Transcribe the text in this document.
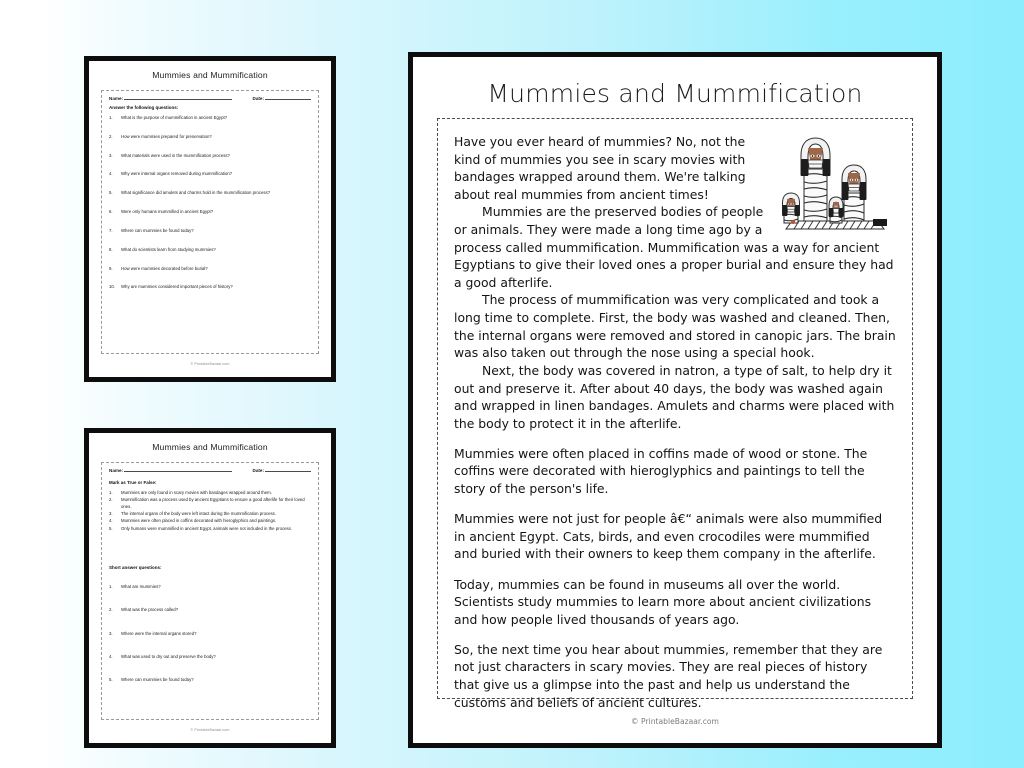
Mummies and Mummification
Name:	Date:
Answer the following questions:
1.	What is the purpose of mummification in ancient Egypt?
2.	How were mummies prepared for preservation?
3.	What materials were used in the mummification process?
4.	Why were internal organs removed during mummification?
5.	What significance did amulets and charms hold in the mummification process?
6.	Were only humans mummified in ancient Egypt?
7.	Where can mummies be found today?
8.	What do scientists learn from studying mummies?
9.	How were mummies decorated before burial?
10.	Why are mummies considered important pieces of history?
© PrintableBazaar.com
Mummies and Mummification
Name:	Date:
Mark as True or False:
1.	Mummies are only found in scary movies with bandages wrapped around them.
2.	Mummification was a process used by ancient Egyptians to ensure a good afterlife for their loved ones.
3.	The internal organs of the body were left intact during the mummification process.
4.	Mummies were often placed in coffins decorated with hieroglyphics and paintings.
5.	Only humans were mummified in ancient Egypt, animals were not included in the process.
Short answer questions:
1.	What are mummies?
2.	What was the process called?
3.	Where were the internal organs stored?
4.	What was used to dry out and preserve the body?
5.	Where can mummies be found today?
© PrintableBazaar.com
Mummies and Mummification

Have you ever heard of mummies? No, not the kind of mummies you see in scary movies with bandages wrapped around them. We're talking about real mummies from ancient times!

Mummies are the preserved bodies of people or animals. They were made a long time ago by a process called mummification. Mummification was a way for ancient Egyptians to give their loved ones a proper burial and ensure they had a good afterlife.

The process of mummification was very complicated and took a long time to complete. First, the body was washed and cleaned. Then, the internal organs were removed and stored in canopic jars. The brain was also taken out through the nose using a special hook.

Next, the body was covered in natron, a type of salt, to help dry it out and preserve it. After about 40 days, the body was washed again and wrapped in linen bandages. Amulets and charms were placed with the body to protect it in the afterlife.

Mummies were often placed in coffins made of wood or stone. The coffins were decorated with hieroglyphics and paintings to tell the story of the person's life.

Mummies were not just for people â€“ animals were also mummified in ancient Egypt. Cats, birds, and even crocodiles were mummified and buried with their owners to keep them company in the afterlife.

Today, mummies can be found in museums all over the world. Scientists study mummies to learn more about ancient civilizations and how people lived thousands of years ago.

So, the next time you hear about mummies, remember that they are not just characters in scary movies. They are real pieces of history that give us a glimpse into the past and help us understand the customs and beliefs of ancient cultures.

© PrintableBazaar.com
